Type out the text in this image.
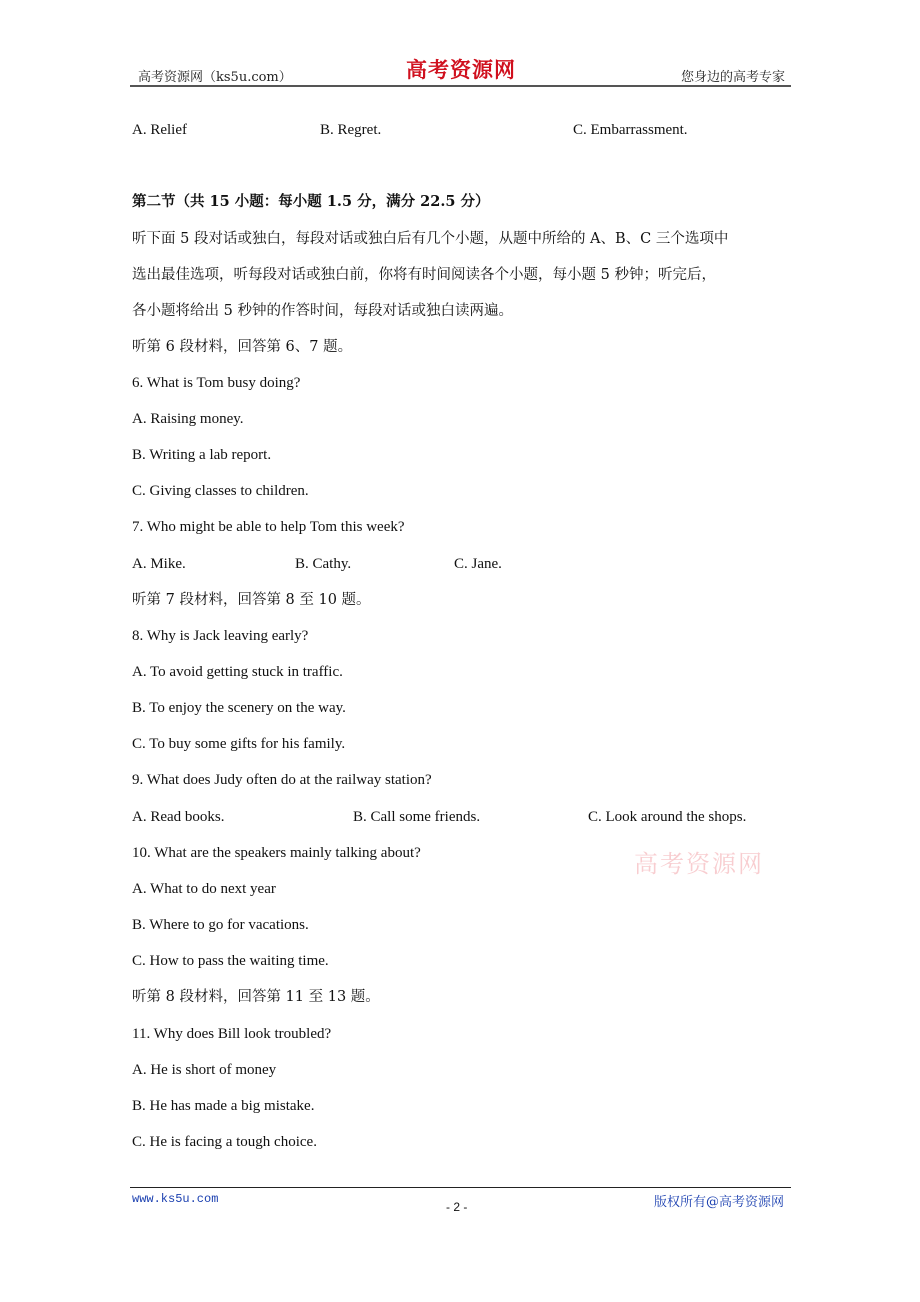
高考资源网（ks5u.com）	高考资源网	您身边的高考专家
A. Relief	B. Regret.	C. Embarrassment.
第二节（共 15 小题：每小题 1.5 分，满分 22.5 分）
听下面 5 段对话或独白，每段对话或独白后有几个小题，从题中所给的 A、B、C 三个选项中
选出最佳选项，听每段对话或独白前，你将有时间阅读各个小题，每小题 5 秒钟；听完后，
各小题将给出 5 秒钟的作答时间，每段对话或独白读两遍。
听第 6 段材料，回答第 6、7 题。
6. What is Tom busy doing?
A. Raising money.
B. Writing a lab report.
C. Giving classes to children.
7. Who might be able to help Tom this week?
A. Mike.	B. Cathy.	C. Jane.
听第 7 段材料，回答第 8 至 10 题。
8. Why is Jack leaving early?
A. To avoid getting stuck in traffic.
B. To enjoy the scenery on the way.
C. To buy some gifts for his family.
9. What does Judy often do at the railway station?
A. Read books.	B. Call some friends.	C. Look around the shops.
10. What are the speakers mainly talking about?	高考资源网
A. What to do next year
B. Where to go for vacations.
C. How to pass the waiting time.
听第 8 段材料，回答第 11 至 13 题。
11. Why does Bill look troubled?
A. He is short of money
B. He has made a big mistake.
C. He is facing a tough choice.
www.ks5u.com
- 2 -	版权所有@高考资源网
